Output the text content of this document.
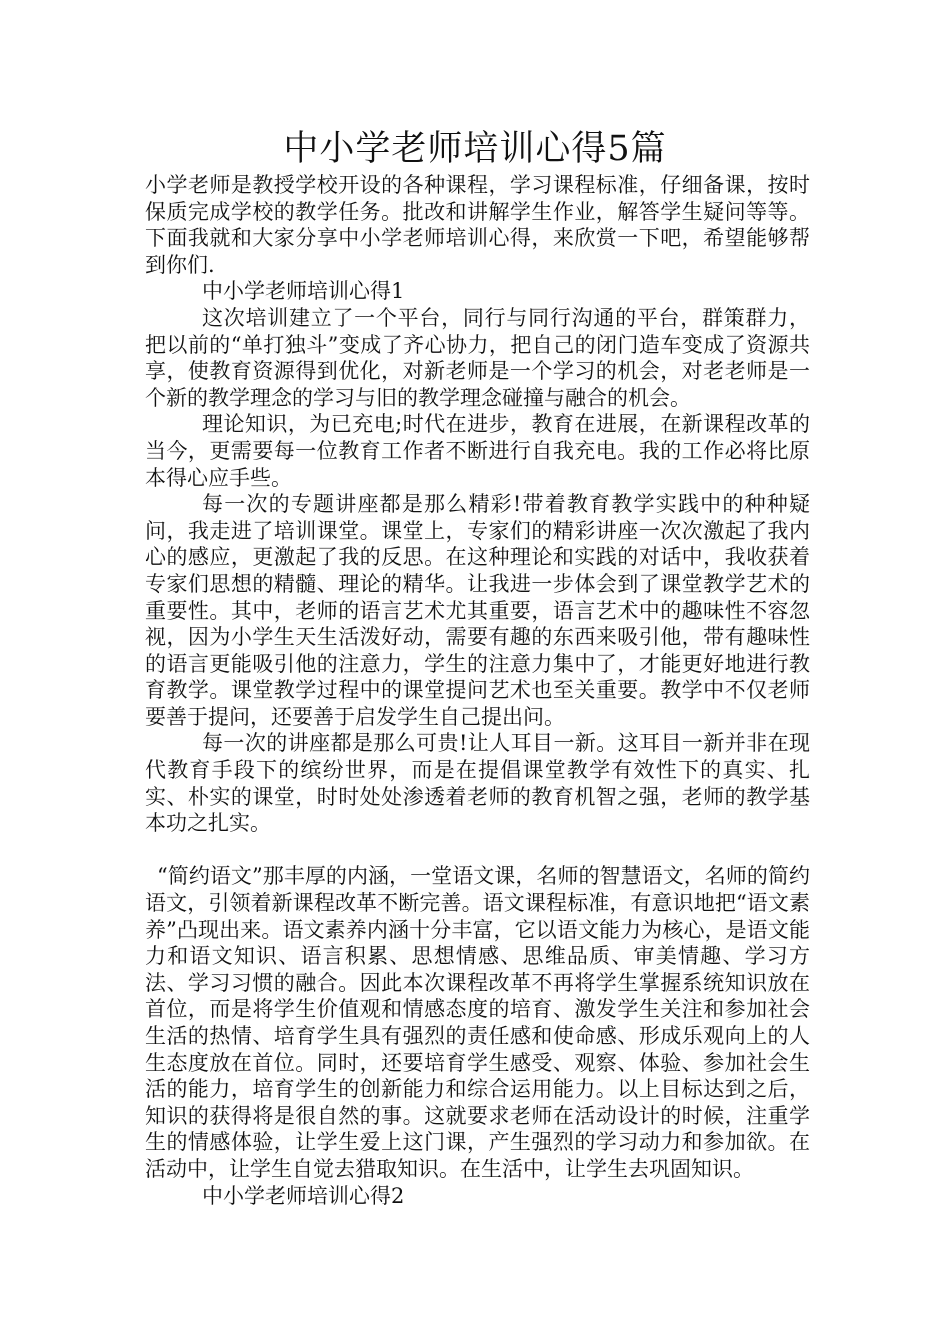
中小学老师培训心得5篇

小学老师是教授学校开设的各种课程，学习课程标准，仔细备课，按时保质完成学校的教学任务。批改和讲解学生作业，解答学生疑问等等。下面我就和大家分享中小学老师培训心得，来欣赏一下吧，希望能够帮到你们.

中小学老师培训心得1

这次培训建立了一个平台，同行与同行沟通的平台，群策群力，把以前的“单打独斗”变成了齐心协力，把自己的闭门造车变成了资源共享，使教育资源得到优化，对新老师是一个学习的机会，对老老师是一个新的教学理念的学习与旧的教学理念碰撞与融合的机会。

理论知识，为已充电;时代在进步，教育在进展，在新课程改革的当今，更需要每一位教育工作者不断进行自我充电。我的工作必将比原本得心应手些。

每一次的专题讲座都是那么精彩!带着教育教学实践中的种种疑问，我走进了培训课堂。课堂上，专家们的精彩讲座一次次激起了我内心的感应，更激起了我的反思。在这种理论和实践的对话中，我收获着专家们思想的精髓、理论的精华。让我进一步体会到了课堂教学艺术的重要性。其中，老师的语言艺术尤其重要，语言艺术中的趣味性不容忽视，因为小学生天生活泼好动，需要有趣的东西来吸引他，带有趣味性的语言更能吸引他的注意力，学生的注意力集中了，才能更好地进行教育教学。课堂教学过程中的课堂提问艺术也至关重要。教学中不仅老师要善于提问，还要善于启发学生自己提出问。

每一次的讲座都是那么可贵!让人耳目一新。这耳目一新并非在现代教育手段下的缤纷世界，而是在提倡课堂教学有效性下的真实、扎实、朴实的课堂，时时处处渗透着老师的教育机智之强，老师的教学基本功之扎实。

“简约语文”那丰厚的内涵，一堂语文课，名师的智慧语文，名师的简约语文，引领着新课程改革不断完善。语文课程标准，有意识地把“语文素养”凸现出来。语文素养内涵十分丰富，它以语文能力为核心，是语文能力和语文知识、语言积累、思想情感、思维品质、审美情趣、学习方法、学习习惯的融合。因此本次课程改革不再将学生掌握系统知识放在首位，而是将学生价值观和情感态度的培育、激发学生关注和参加社会生活的热情、培育学生具有强烈的责任感和使命感、形成乐观向上的人生态度放在首位。同时，还要培育学生感受、观察、体验、参加社会生活的能力，培育学生的创新能力和综合运用能力。以上目标达到之后，知识的获得将是很自然的事。这就要求老师在活动设计的时候，注重学生的情感体验，让学生爱上这门课，产生强烈的学习动力和参加欲。在活动中，让学生自觉去猎取知识。在生活中，让学生去巩固知识。

中小学老师培训心得2
